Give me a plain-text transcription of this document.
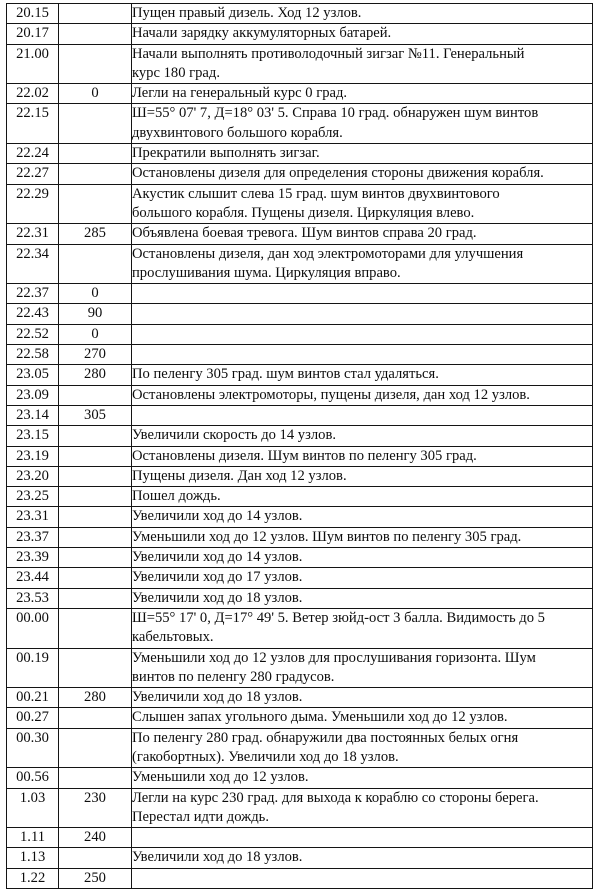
20.15		Пущен правый дизель. Ход 12 узлов.

20.17		Начали зарядку аккумуляторных батарей.

21.00		Начали выполнять противолодочный зигзаг №11. Генеральный
курс 180 град.

22.02	0	Легли на генеральный курс 0 град.

22.15		Ш=55° 07' 7, Д=18° 03' 5. Справа 10 град. обнаружен шум винтов
двухвинтового большого корабля.

22.24		Прекратили выполнять зигзаг.

22.27		Остановлены дизеля для определения стороны движения корабля.

22.29		Акустик слышит слева 15 град. шум винтов двухвинтового
большого корабля. Пущены дизеля. Циркуляция влево.

22.31	285	Объявлена боевая тревога. Шум винтов справа 20 град.

22.34		Остановлены дизеля, дан ход электромоторами для улучшения
прослушивания шума. Циркуляция вправо.

22.37	0	
22.43	90	
22.52	0	
22.58	270	
23.05	280	По пеленгу 305 град. шум винтов стал удаляться.

23.09		Остановлены электромоторы, пущены дизеля, дан ход 12 узлов.

23.14	305	
23.15		Увеличили скорость до 14 узлов.

23.19		Остановлены дизеля. Шум винтов по пеленгу 305 град.

23.20		Пущены дизеля. Дан ход 12 узлов.

23.25		Пошел дождь.

23.31		Увеличили ход до 14 узлов.

23.37		Уменьшили ход до 12 узлов. Шум винтов по пеленгу 305 град.

23.39		Увеличили ход до 14 узлов.

23.44		Увеличили ход до 17 узлов.

23.53		Увеличили ход до 18 узлов.

00.00		Ш=55° 17' 0, Д=17° 49' 5. Ветер зюйд-ост 3 балла. Видимость до 5
кабельтовых.

00.19		Уменьшили ход до 12 узлов для прослушивания горизонта. Шум
винтов по пеленгу 280 градусов.

00.21	280	Увеличили ход до 18 узлов.

00.27		Слышен запах угольного дыма. Уменьшили ход до 12 узлов.

00.30		По пеленгу 280 град. обнаружили два постоянных белых огня
(гакобортных). Увеличили ход до 18 узлов.

00.56		Уменьшили ход до 12 узлов.

1.03	230	Легли на курс 230 град. для выхода к кораблю со стороны берега.
Перестал идти дождь.

1.11	240	
1.13		Увеличили ход до 18 узлов.

1.22	250	
